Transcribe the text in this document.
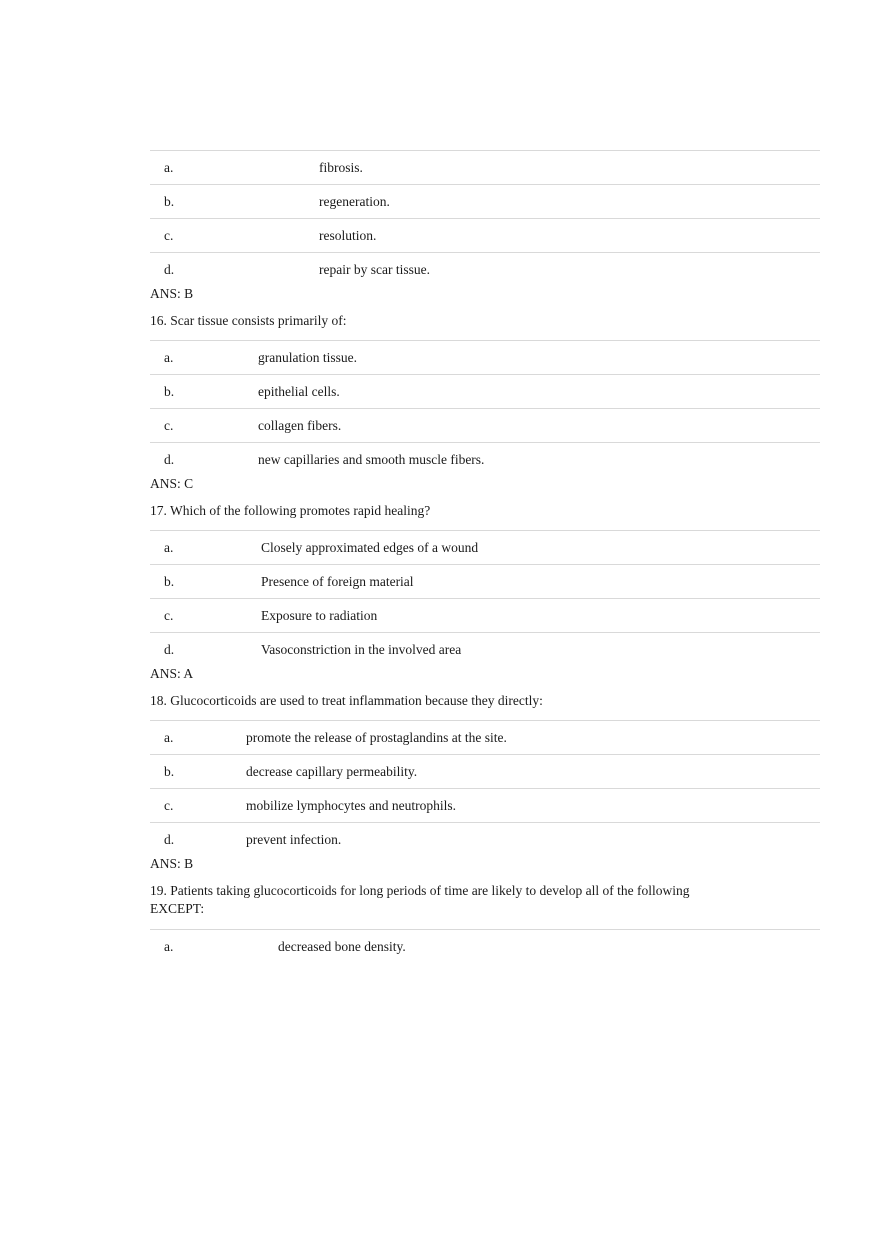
a.	fibrosis.
b.	regeneration.
c.	resolution.
d.	repair by scar tissue.
ANS: B
16. Scar tissue consists primarily of:
a.	granulation tissue.
b.	epithelial cells.
c.	collagen fibers.
d.	new capillaries and smooth muscle fibers.
ANS: C
17. Which of the following promotes rapid healing?
a.	Closely approximated edges of a wound
b.	Presence of foreign material
c.	Exposure to radiation
d.	Vasoconstriction in the involved area
ANS: A
18. Glucocorticoids are used to treat inflammation because they directly:
a.	promote the release of prostaglandins at the site.
b.	decrease capillary permeability.
c.	mobilize lymphocytes and neutrophils.
d.	prevent infection.
ANS: B
19. Patients taking glucocorticoids for long periods of time are likely to develop all of the following
EXCEPT:
a.	decreased bone density.
